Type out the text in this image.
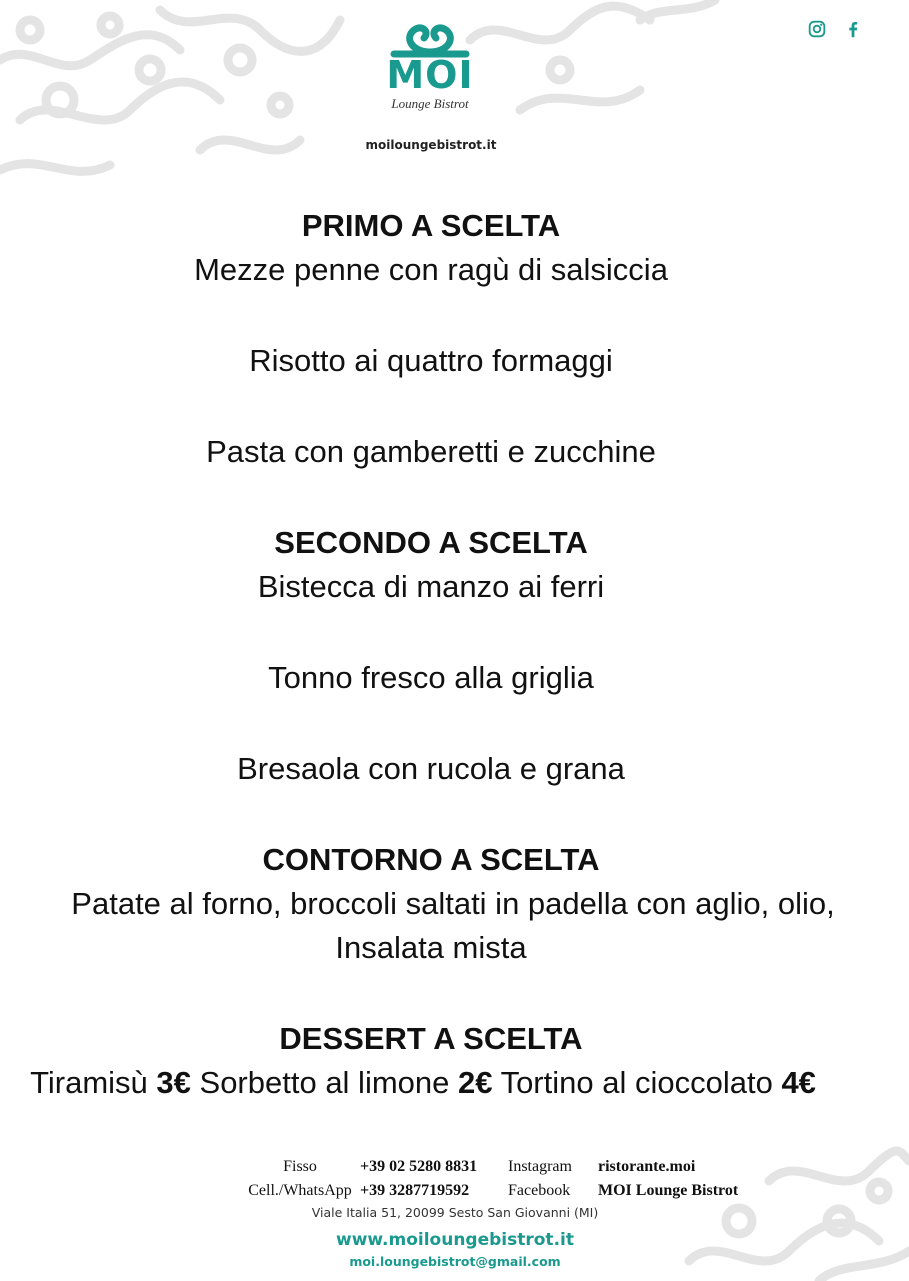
MOI
Lounge Bistrot
moiloungebistrot.it
PRIMO A SCELTA

Mezze penne con ragù di salsiccia

Risotto ai quattro formaggi

Pasta con gamberetti e zucchine

SECONDO A SCELTA

Bistecca di manzo ai ferri

Tonno fresco alla griglia

Bresaola con rucola e grana

CONTORNO A SCELTA

Patate al forno, broccoli saltati in padella con aglio, olio,

Insalata mista

DESSERT A SCELTA
Tiramisù 3€ Sorbetto al limone 2€ Tortino al cioccolato 4€
Fisso	+39 02 5280 8831	Instagram	ristorante.moi
Cell./WhatsApp +39 3287719592	Facebook	MOI Lounge Bistrot
Viale Italia 51, 20099 Sesto San Giovanni (MI)
www.moiloungebistrot.it
moi.loungebistrot@gmail.com
